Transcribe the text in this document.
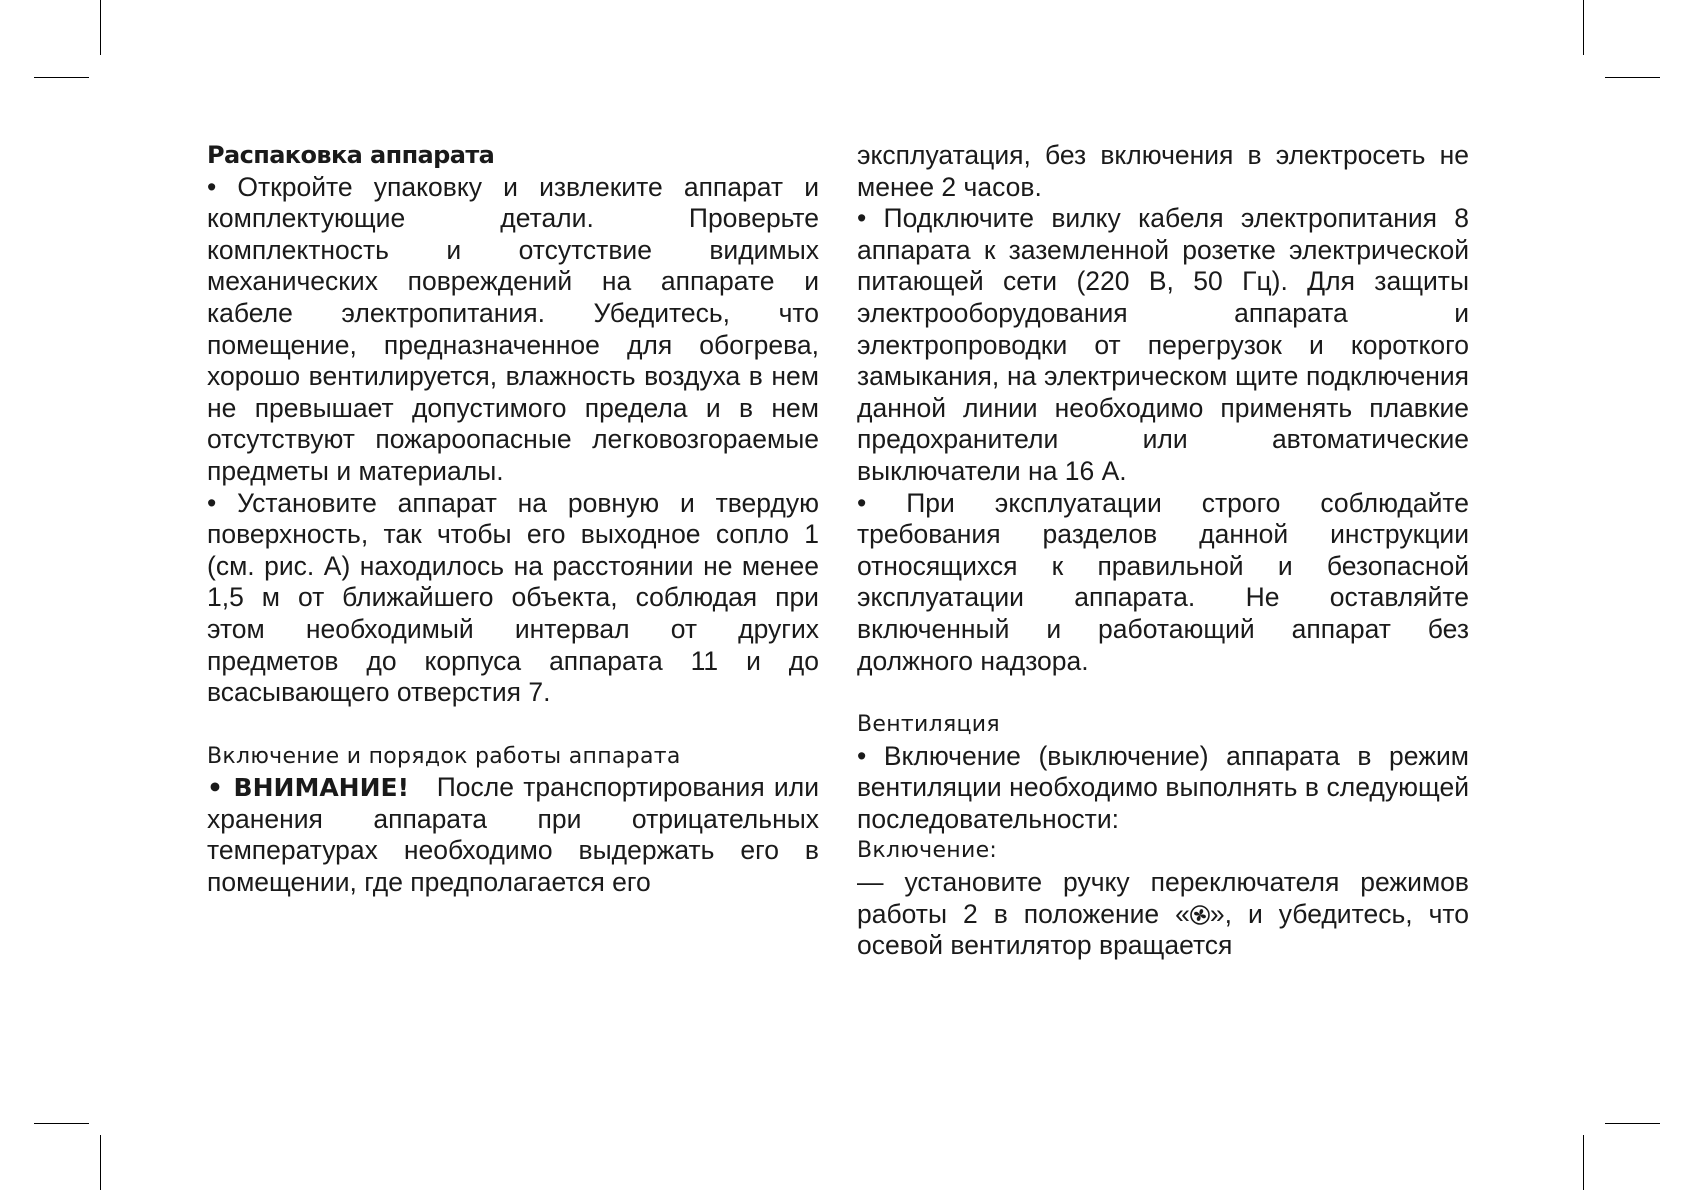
Распаковка аппарата

• Откройте упаковку и извлеките аппарат и комплектующие детали. Проверьте комплектность и отсутствие видимых механических повреждений на аппарате и кабеле электропитания. Убедитесь, что помещение, предназначенное для обогрева, хорошо вентилируется, влажность воздуха в нем не превышает допустимого предела и в нем отсутствуют пожароопасные легковозгораемые предметы и материалы.

• Установите аппарат на ровную и твердую поверхность, так чтобы его выходное сопло 1 (см. рис. А) находилось на расстоянии не менее 1,5 м от ближайшего объекта, соблюдая при этом необходимый интервал от других предметов до корпуса аппарата 11 и до всасывающего отверстия 7.

Включение и порядок работы аппарата

• ВНИМАНИЕ! После транспортирования или хранения аппарата при отрицательных температурах необходимо выдержать его в помещении, где предполагается его

эксплуатация, без включения в электросеть не менее 2 часов.

• Подключите вилку кабеля электропитания 8 аппарата к заземленной розетке электрической питающей сети (220 В, 50 Гц). Для защиты электрооборудования аппарата и электропроводки от перегрузок и короткого замыкания, на электрическом щите подключения данной линии необходимо применять плавкие предохранители или автоматические выключатели на 16 А.

• При эксплуатации строго соблюдайте требования разделов данной инструкции относящихся к правильной и безопасной эксплуатации аппарата. Не оставляйте включенный и работающий аппарат без должного надзора.

Вентиляция

• Включение (выключение) аппарата в режим вентиляции необходимо выполнять в следующей последовательности:

Включение:

— установите ручку переключателя режимов работы 2 в положение « », и убедитесь, что осевой вентилятор вращается
